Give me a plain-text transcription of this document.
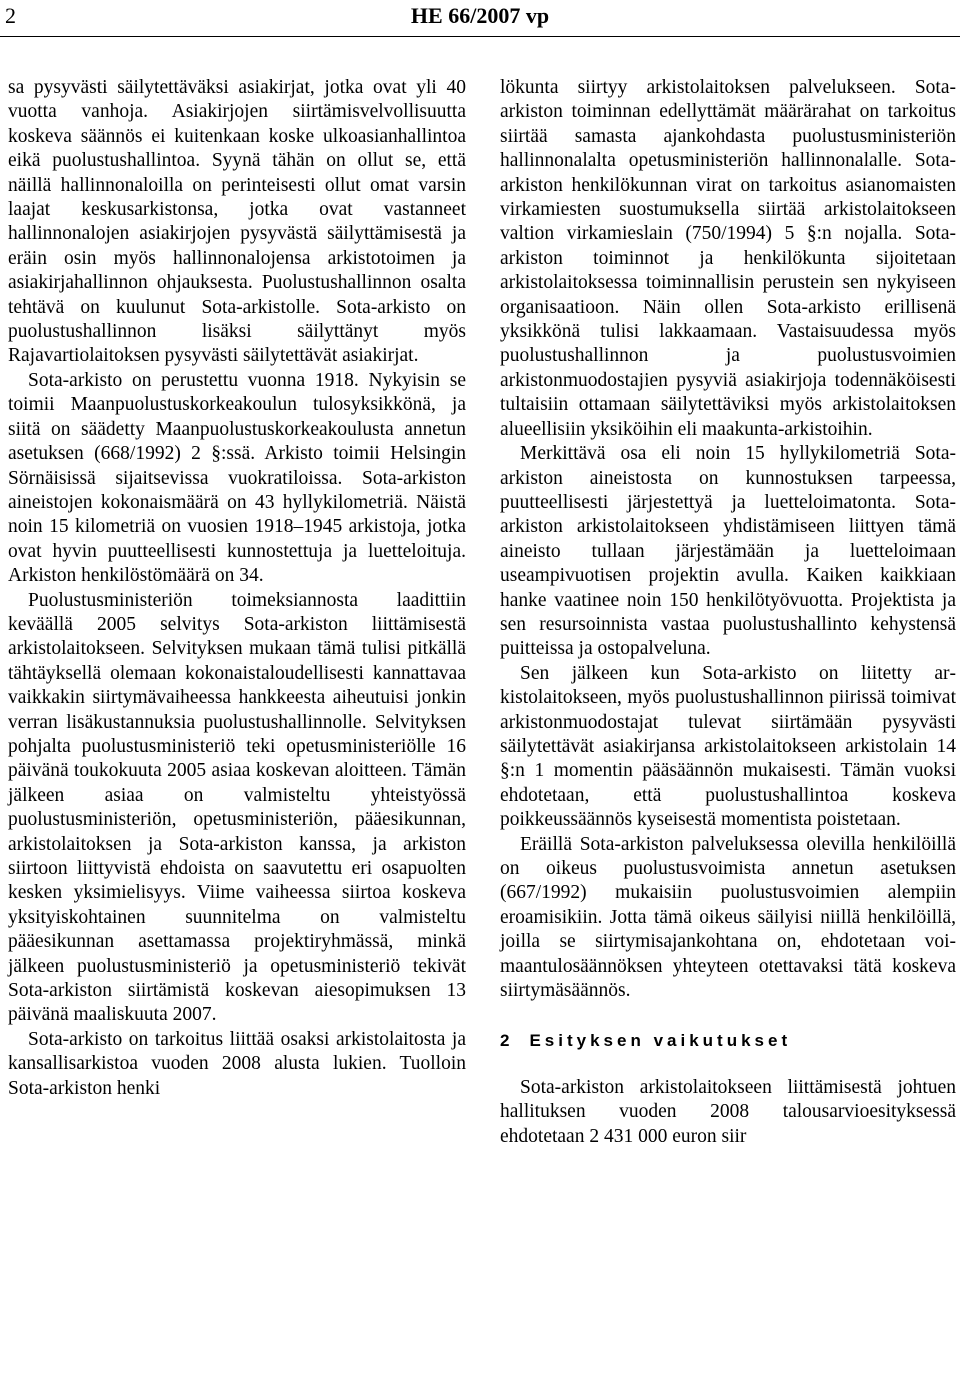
2	HE 66/2007 vp

sa pysyvästi säilytettäväksi asiakirjat, jotka ovat yli 40 vuotta vanhoja. Asiakirjojen siirtämisvelvollisuutta koskeva säännös ei kuitenkaan koske ulkoasianhallintoa eikä puolustushallintoa. Syynä tähän on ollut se, että näillä hallinnonaloilla on perinteisesti ollut omat varsin laajat keskusarkistonsa, jotka ovat vastanneet hallinnonalojen asiakirjojen pysyvästä säilyttämisestä ja eräin osin myös hallinnonalojensa arkistotoimen ja asiakirjahallinnon ohjauksesta. Puolustushallinnon osalta tehtävä on kuulunut Sota-arkistolle. Sota-arkisto on puolustushallinnon lisäksi säilyttänyt myös Rajavartiolaitoksen pysyvästi säilytettävät asiakirjat.

Sota-arkisto on perustettu vuonna 1918. Nykyisin se toimii Maanpuolustuskorkeakoulun tulosyksikkönä, ja siitä on säädetty Maanpuolustuskorkeakoulusta annetun asetuksen (668/1992) 2 §:ssä. Arkisto toimii Helsingin Sörnäisissä sijaitsevissa vuokratiloissa. Sota-arkiston aineistojen kokonaismäärä on 43 hyllykilometriä. Näistä noin 15 kilometriä on vuosien 1918–1945 arkistoja, jotka ovat hyvin puutteellisesti kunnostettuja ja luetteloituja. Arkiston henkilöstömäärä on 34.

Puolustusministeriön toimeksiannosta laadittiin keväällä 2005 selvitys Sota-arkiston liittämisestä arkistolaitokseen. Selvityksen mukaan tämä tulisi pitkällä tähtäyksellä olemaan kokonaistaloudellisesti kannattavaa vaikkakin siirtymävaiheessa hankkeesta aiheutuisi jonkin verran lisäkustannuksia puolustushallinnolle. Selvityksen pohjalta puolustusministeriö teki opetusministeriölle 16 päivänä toukokuuta 2005 asiaa koskevan aloitteen. Tämän jälkeen asiaa on valmisteltu yhteistyössä puolustusministeriön, opetusministeriön, pääesikunnan, arkistolaitoksen ja Sota-arkiston kanssa, ja arkiston siirtoon liittyvistä ehdoista on saavutettu eri osapuolten kesken yksimielisyys. Viime vaiheessa siirtoa koskeva yksityiskohtainen suunnitelma on valmisteltu pääesikunnan asettamassa projektiryhmässä, minkä jälkeen puolustusministeriö ja opetusministeriö tekivät Sota-arkiston siirtämistä koskevan aiesopimuksen 13 päivänä maaliskuuta 2007.

Sota-arkisto on tarkoitus liittää osaksi arkistolaitosta ja kansallisarkistoa vuoden 2008 alusta lukien. Tuolloin Sota-arkiston henki

lökunta siirtyy arkistolaitoksen palvelukseen. Sota-arkiston toiminnan edellyttämät määrärahat on tarkoitus siirtää samasta ajankohdasta puolustusministeriön hallinnonalalta opetusministeriön hallinnonalalle. Sota-arkiston henkilökunnan virat on tarkoitus asianomaisten virkamiesten suostumuksella siirtää arkistolaitokseen valtion virkamieslain (750/1994) 5 §:n nojalla. Sota-arkiston toiminnot ja henkilökunta sijoitetaan arkistolaitoksessa toiminnallisin perustein sen nykyiseen organisaatioon. Näin ollen Sota-arkisto erillisenä yksikkönä tulisi lakkaamaan. Vastaisuudessa myös puolustushallinnon ja puolustusvoimien arkistonmuodostajien pysyviä asiakirjoja todennäköisesti tultaisiin ottamaan säilytettäviksi myös arkistolaitoksen alueellisiin yksiköihin eli maakunta-arkistoihin.

Merkittävä osa eli noin 15 hyllykilometriä Sota-arkiston aineistosta on kunnostuksen tarpeessa, puutteellisesti järjestettyä ja luetteloimatonta. Sota-arkiston arkistolaitokseen yhdistämiseen liittyen tämä aineisto tullaan järjestämään ja luetteloimaan useampivuotisen projektin avulla. Kaiken kaikkiaan hanke vaatinee noin 150 henkilötyövuotta. Projektista ja sen resursoinnista vastaa puolustushallinto kehystensä puitteissa ja ostopalveluna.

Sen jälkeen kun Sota-arkisto on liitetty arkistolaitokseen, myös puolustushallinnon piirissä toimivat arkistonmuodostajat tulevat siirtämään pysyvästi säilytettävät asiakirjansa arkistolaitokseen arkistolain 14 §:n 1 momentin pääsäännön mukaisesti. Tämän vuoksi ehdotetaan, että puolustushallintoa koskeva poikkeussäännös kyseisestä momentista poistetaan.

Eräillä Sota-arkiston palveluksessa olevilla henkilöillä on oikeus puolustusvoimista annetun asetuksen (667/1992) mukaisiin puolustusvoimien alempiin eroamisikiin. Jotta tämä oikeus säilyisi niillä henkilöillä, joilla se siirtymisajankohtana on, ehdotetaan voimaantulosäännöksen yhteyteen otettavaksi tätä koskeva siirtymäsäännös.

2 Esityksen vaikutukset

Sota-arkiston arkistolaitokseen liittämisestä johtuen hallituksen vuoden 2008 talousarvioesityksessä ehdotetaan 2 431 000 euron siir
